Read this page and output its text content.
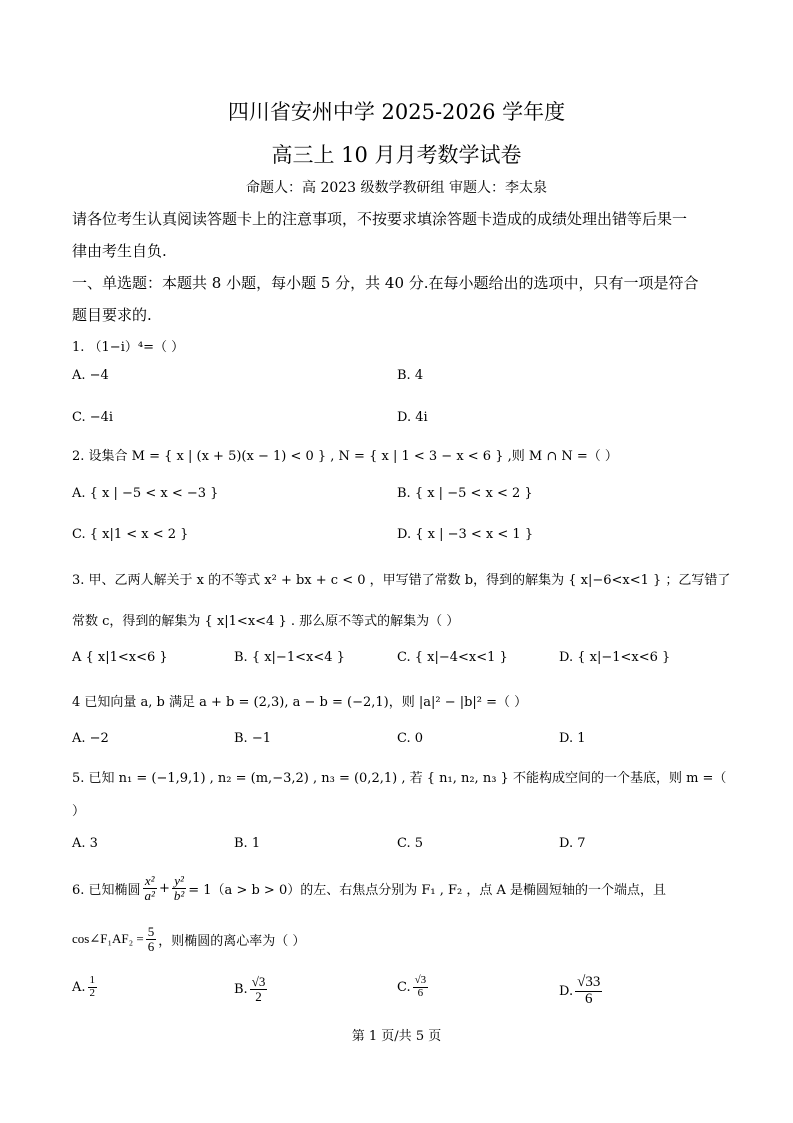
四川省安州中学 2025-2026 学年度
高三上 10 月月考数学试卷
命题人：高 2023 级数学教研组 审题人：李太泉
请各位考生认真阅读答题卡上的注意事项，不按要求填涂答题卡造成的成绩处理出错等后果一
律由考生自负.
一、单选题：本题共 8 小题，每小题 5 分，共 40 分.在每小题给出的选项中，只有一项是符合
题目要求的.
1. （1−i）⁴=（ ）
A. −4	B. 4
C. −4i	D. 4i
2. 设集合 M = { x | (x + 5)(x − 1) < 0 } , N = { x | 1 < 3 − x < 6 } ,则 M ∩ N =（ ）
A. { x | −5 < x < −3 }	B. { x | −5 < x < 2 }
C. { x|1 < x < 2 }	D. { x | −3 < x < 1 }
3. 甲、乙两人解关于 x 的不等式 x² + bx + c < 0 ，甲写错了常数 b，得到的解集为 { x|−6<x<1 } ；乙写错了
常数 c，得到的解集为 { x|1<x<4 } . 那么原不等式的解集为（ ）
A { x|1<x<6 }	B. { x|−1<x<4 }	C. { x|−4<x<1 }	D. { x|−1<x<6 }
4 已知向量 a, b 满足 a + b = (2,3), a − b = (−2,1)，则 |a|² − |b|² =（ ）
A. −2	B. −1	C. 0	D. 1
5. 已知 n₁ = (−1,9,1) , n₂ = (m,−3,2) , n₃ = (0,2,1) , 若 { n₁, n₂, n₃ } 不能构成空间的一个基底，则 m =（
）
A. 3	B. 1	C. 5	D. 7
6. 已知椭圆 $\frac{\text{x²}}{\text{a²}} + \frac{\text{y²}}{\text{b²}} = 1(a > b > 0)$的左、右焦点分别为 F₁ , F₂ ，点 A 是椭圆短轴的一个端点，且
cos∠F₁AF₂ = $\frac{5}{6}$ ，则椭圆的离心率为（ ）
A. $\frac{1}{2}$	B. $\frac{√3}{2}$	C. $\frac{√3}{6}$	D. $\frac{√33}{6}$
第 1 页/共 5 页
